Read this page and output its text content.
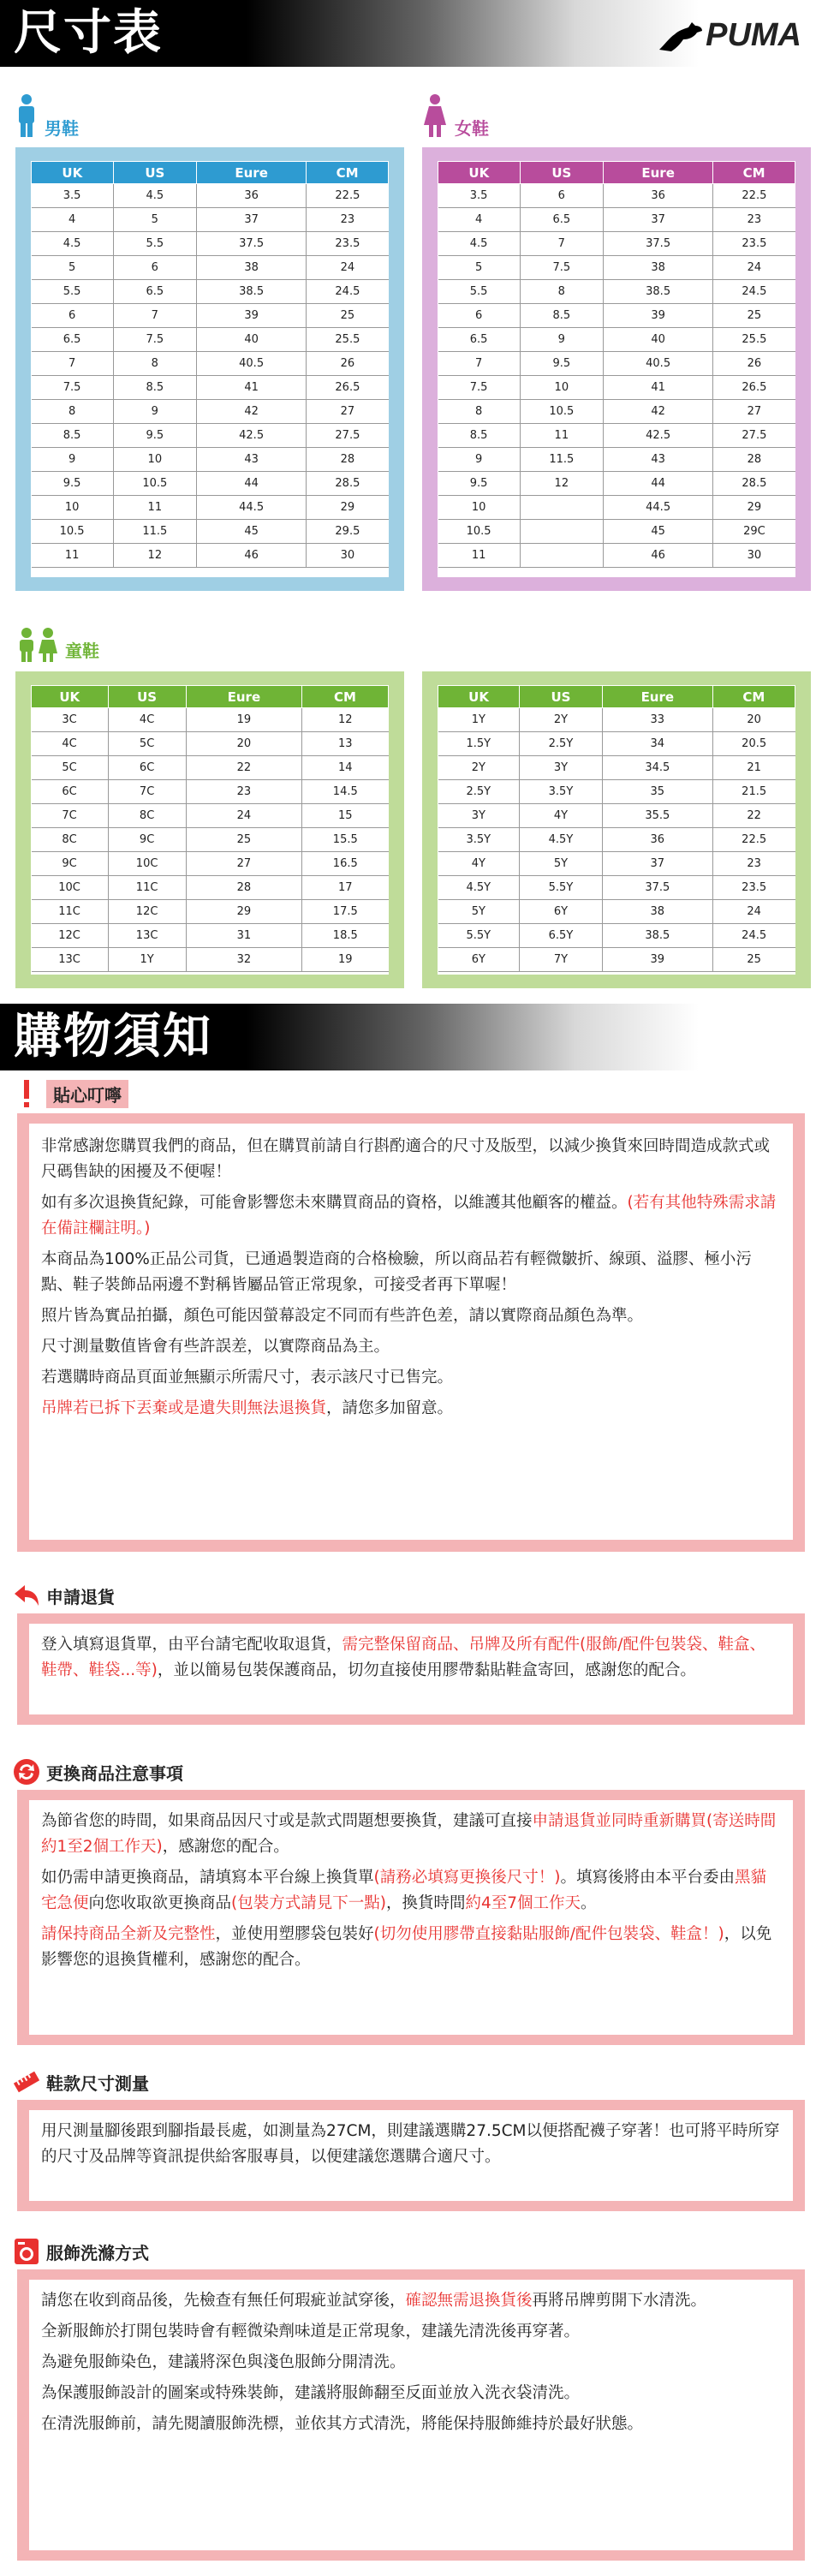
尺寸表	PUMA
男鞋
UK	US	Eure	CM
3.5	4.5	36	22.5
4	5	37	23
4.5	5.5	37.5	23.5
5	6	38	24
5.5	6.5	38.5	24.5
6	7	39	25
6.5	7.5	40	25.5
7	8	40.5	26
7.5	8.5	41	26.5
8	9	42	27
8.5	9.5	42.5	27.5
9	10	43	28
9.5	10.5	44	28.5
10	11	44.5	29
10.5	11.5	45	29.5
11	12	46	30
女鞋
UK	US	Eure	CM
3.5	6	36	22.5
4	6.5	37	23
4.5	7	37.5	23.5
5	7.5	38	24
5.5	8	38.5	24.5
6	8.5	39	25
6.5	9	40	25.5
7	9.5	40.5	26
7.5	10	41	26.5
8	10.5	42	27
8.5	11	42.5	27.5
9	11.5	43	28
9.5	12	44	28.5
10		44.5	29
10.5		45	29C
11		46	30
童鞋
UK	US	Eure	CM
3C	4C	19	12
4C	5C	20	13
5C	6C	22	14
6C	7C	23	14.5
7C	8C	24	15
8C	9C	25	15.5
9C	10C	27	16.5
10C	11C	28	17
11C	12C	29	17.5
12C	13C	31	18.5
13C	1Y	32	19
UK	US	Eure	CM
1Y	2Y	33	20
1.5Y	2.5Y	34	20.5
2Y	3Y	34.5	21
2.5Y	3.5Y	35	21.5
3Y	4Y	35.5	22
3.5Y	4.5Y	36	22.5
4Y	5Y	37	23
4.5Y	5.5Y	37.5	23.5
5Y	6Y	38	24
5.5Y	6.5Y	38.5	24.5
6Y	7Y	39	25
購物須知
貼心叮嚀

非常感謝您購買我們的商品，但在購買前請自行斟酌適合的尺寸及版型，以減少換貨來回時間造成款式或尺碼售缺的困擾及不便喔！

如有多次退換貨紀錄，可能會影響您未來購買商品的資格，以維護其他顧客的權益。(若有其他特殊需求請在備註欄註明。)

本商品為100%正品公司貨，已通過製造商的合格檢驗，所以商品若有輕微皺折、線頭、溢膠、極小污點、鞋子裝飾品兩邊不對稱皆屬品管正常現象，可接受者再下單喔！

照片皆為實品拍攝，顏色可能因螢幕設定不同而有些許色差，請以實際商品顏色為準。

尺寸測量數值皆會有些許誤差，以實際商品為主。

若選購時商品頁面並無顯示所需尺寸，表示該尺寸已售完。

吊牌若已拆下丟棄或是遺失則無法退換貨，請您多加留意。

申請退貨

登入填寫退貨單，由平台請宅配收取退貨，需完整保留商品、吊牌及所有配件(服飾/配件包裝袋、鞋盒、鞋帶、鞋袋...等)，並以簡易包裝保護商品，切勿直接使用膠帶黏貼鞋盒寄回，感謝您的配合。

更換商品注意事項

為節省您的時間，如果商品因尺寸或是款式問題想要換貨，建議可直接申請退貨並同時重新購買(寄送時間約1至2個工作天)，感謝您的配合。

如仍需申請更換商品，請填寫本平台線上換貨單(請務必填寫更換後尺寸！)。填寫後將由本平台委由黑貓宅急便向您收取欲更換商品(包裝方式請見下一點)，換貨時間約4至7個工作天。

請保持商品全新及完整性，並使用塑膠袋包裝好(切勿使用膠帶直接黏貼服飾/配件包裝袋、鞋盒！)，以免影響您的退換貨權利，感謝您的配合。

鞋款尺寸測量

用尺測量腳後跟到腳指最長處，如測量為27CM，則建議選購27.5CM以便搭配襪子穿著！也可將平時所穿的尺寸及品牌等資訊提供給客服專員，以便建議您選購合適尺寸。

服飾洗滌方式

請您在收到商品後，先檢查有無任何瑕疵並試穿後，確認無需退換貨後再將吊牌剪開下水清洗。

全新服飾於打開包裝時會有輕微染劑味道是正常現象，建議先清洗後再穿著。

為避免服飾染色，建議將深色與淺色服飾分開清洗。

為保護服飾設計的圖案或特殊裝飾，建議將服飾翻至反面並放入洗衣袋清洗。

在清洗服飾前，請先閱讀服飾洗標，並依其方式清洗，將能保持服飾維持於最好狀態。
